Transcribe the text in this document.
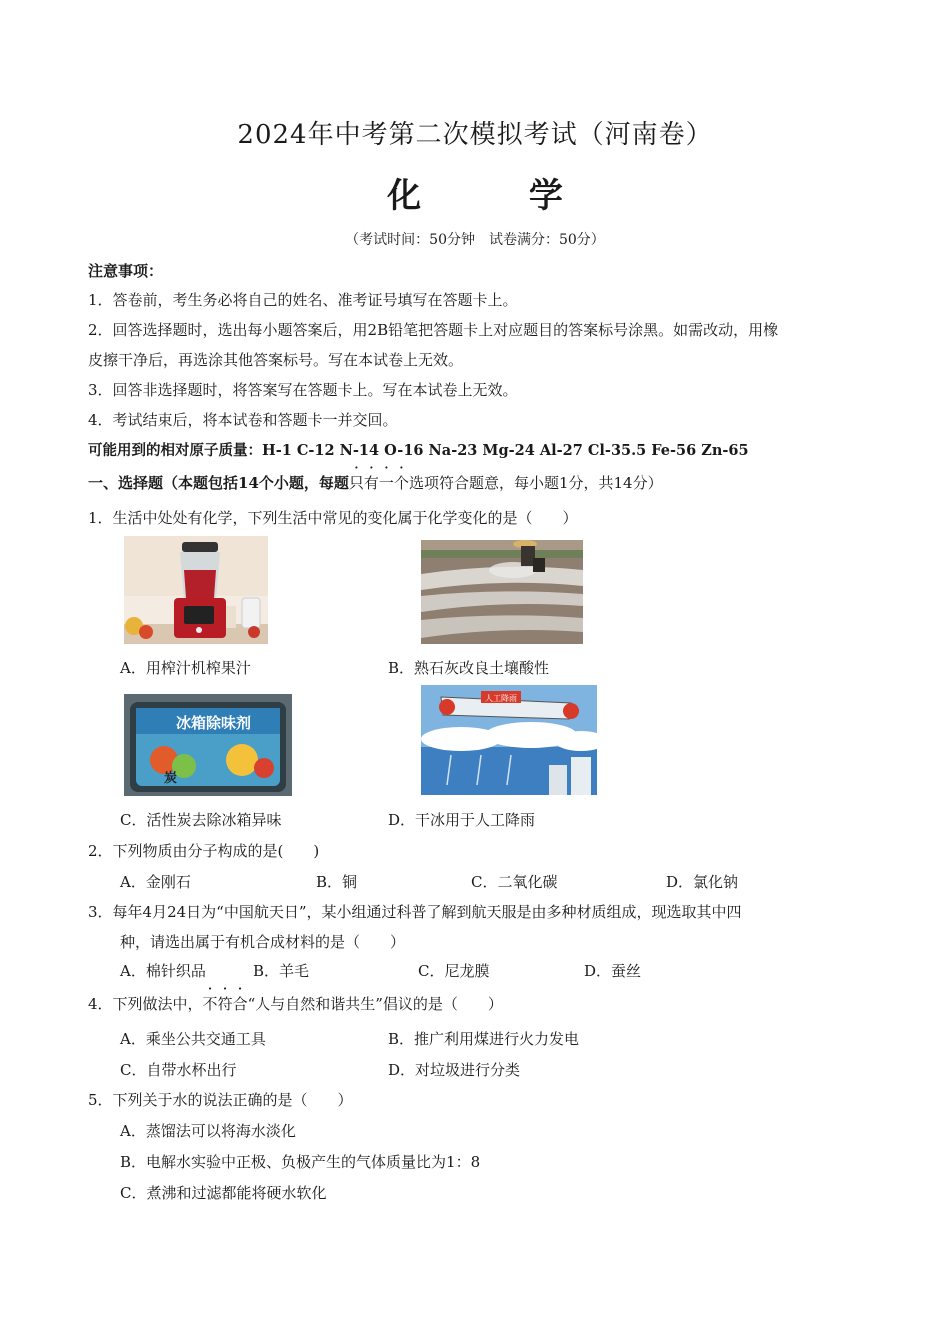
2024年中考第二次模拟考试（河南卷）
化 学
（考试时间：50分钟　试卷满分：50分）
注意事项：
1．答卷前，考生务必将自己的姓名、准考证号填写在答题卡上。
2．回答选择题时，选出每小题答案后，用2B铅笔把答题卡上对应题目的答案标号涂黑。如需改动，用橡
皮擦干净后，再选涂其他答案标号。写在本试卷上无效。
3．回答非选择题时，将答案写在答题卡上。写在本试卷上无效。
4．考试结束后，将本试卷和答题卡一并交回。
可能用到的相对原子质量：H-1 C-12 N-14 O-16 Na-23 Mg-24 Al-27 Cl-35.5 Fe-56 Zn-65
一、选择题（本题包括14个小题，每题只有一个选项符合题意，每小题1分，共14分）
1．生活中处处有化学，下列生活中常见的变化属于化学变化的是（　　）
A．用榨汁机榨果汁	B．熟石灰改良土壤酸性
冰箱除味剂
炭
人工降雨
C．活性炭去除冰箱异味	D．干冰用于人工降雨
2．下列物质由分子构成的是(　　)
A．金刚石	B．铜	C．二氧化碳	D．氯化钠
3．每年4月24日为“中国航天日”，某小组通过科普了解到航天服是由多种材质组成，现选取其中四
种，请选出属于有机合成材料的是（　　）
A．棉针织品	B．羊毛	C．尼龙膜	D．蚕丝
4．下列做法中，不符合“人与自然和谐共生”倡议的是（　　）
A．乘坐公共交通工具	B．推广利用煤进行火力发电
C．自带水杯出行	D．对垃圾进行分类
5．下列关于水的说法正确的是（　　）
A．蒸馏法可以将海水淡化
B．电解水实验中正极、负极产生的气体质量比为1：8
C．煮沸和过滤都能将硬水软化
